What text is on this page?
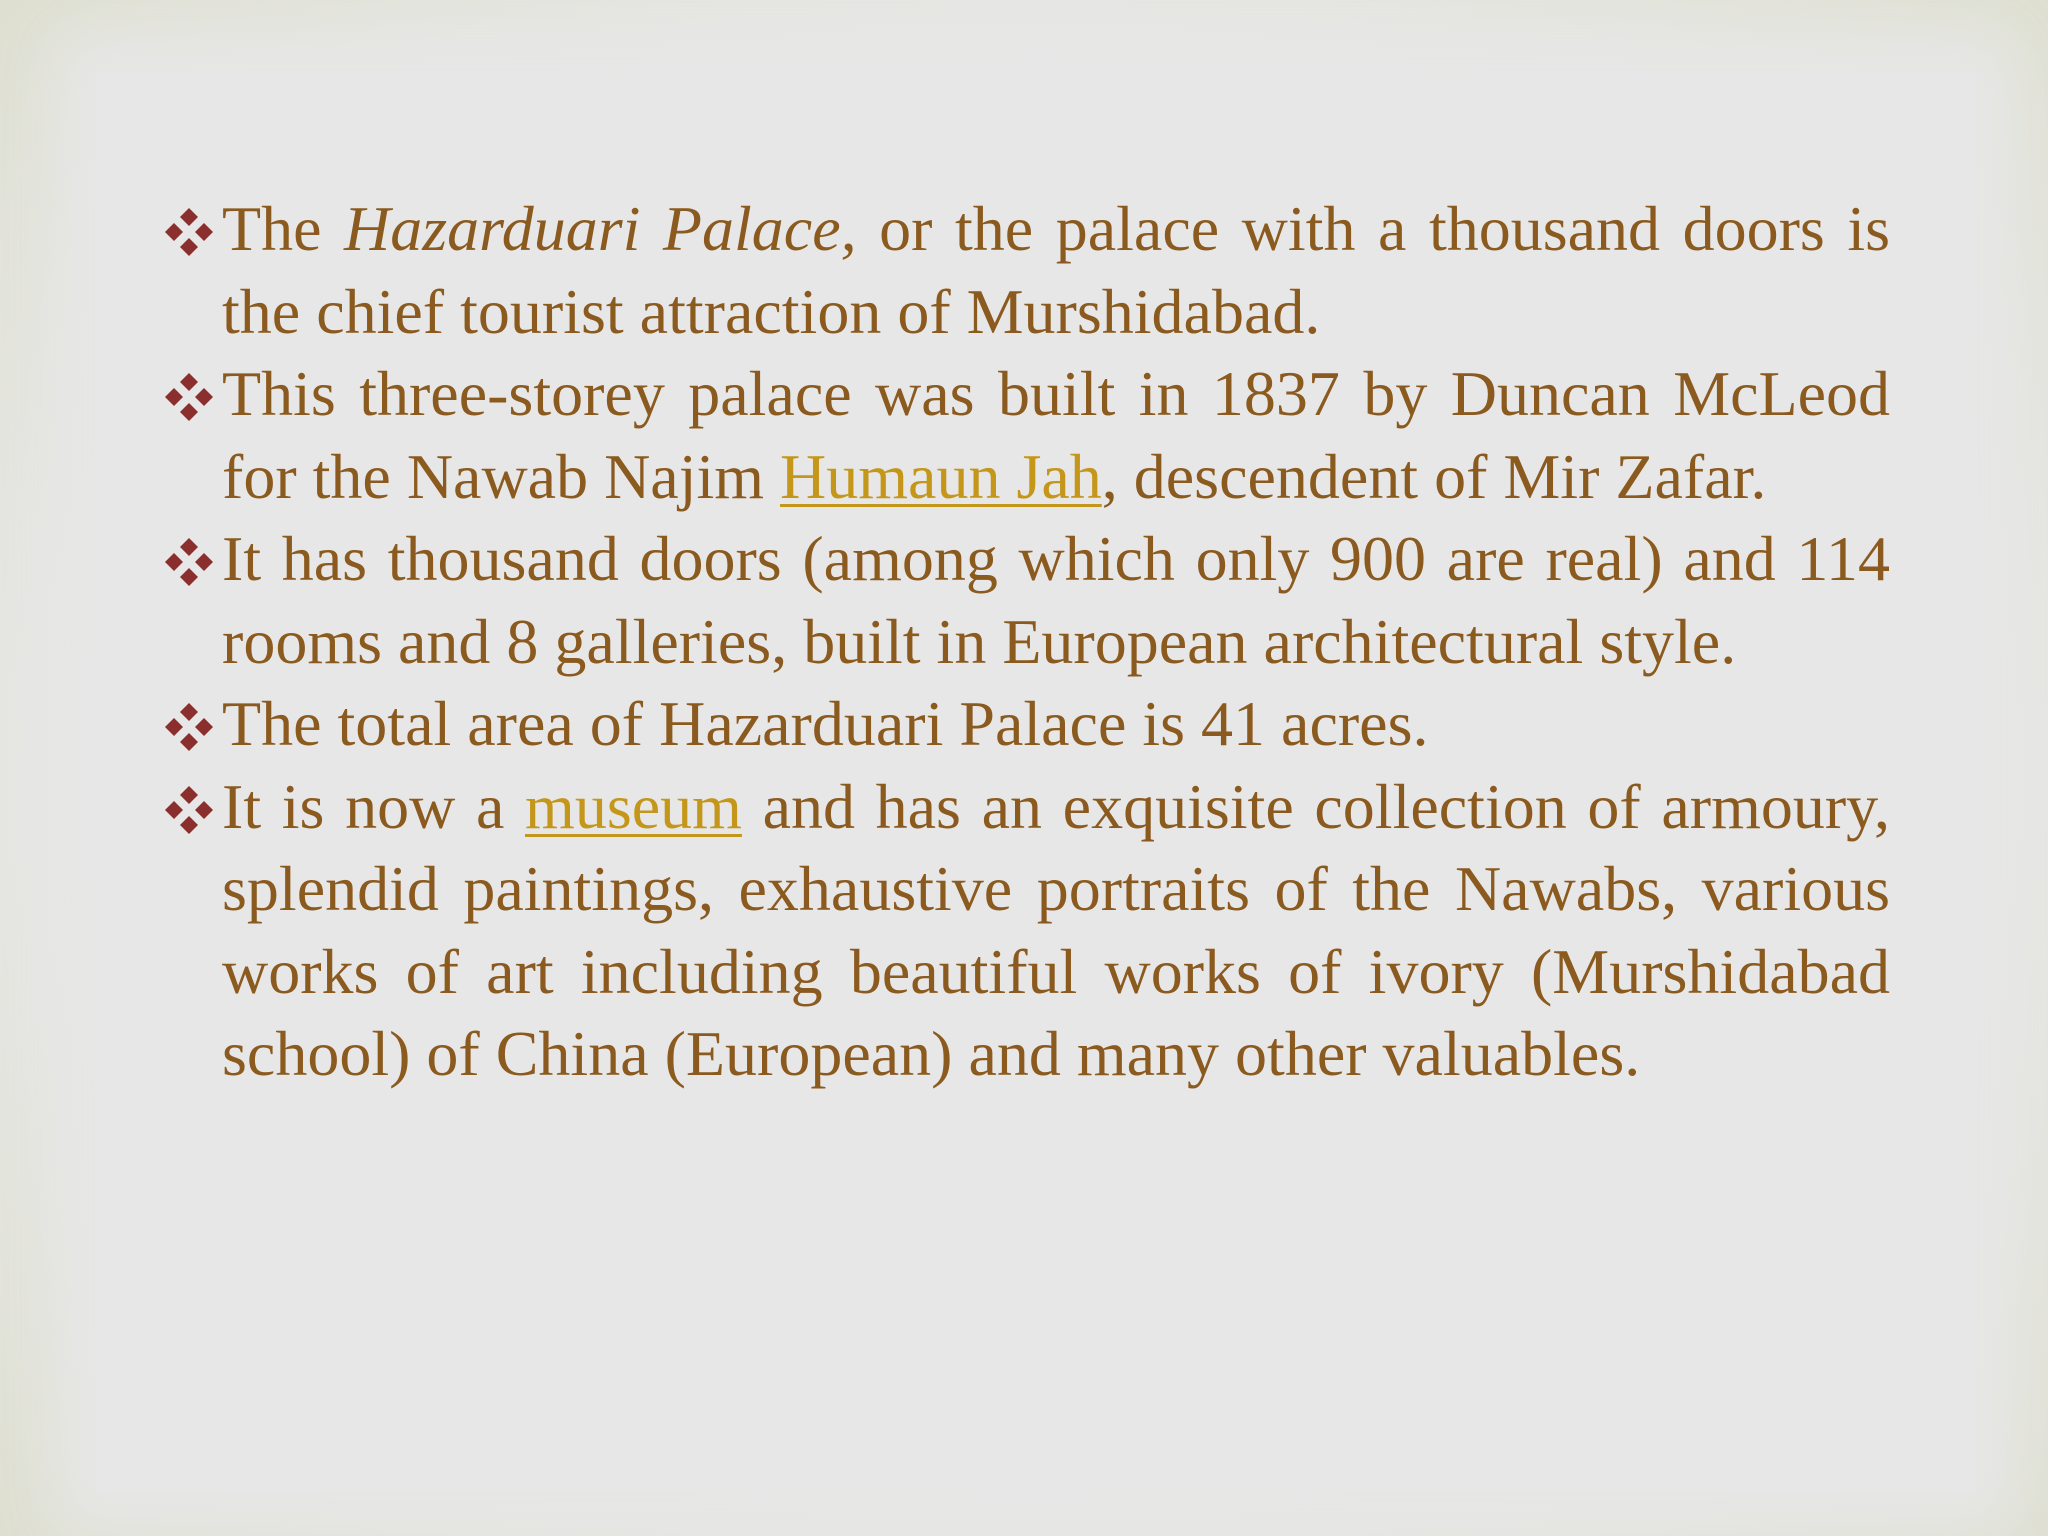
The Hazarduari Palace, or the palace with a thousand doors is the chief tourist attraction of Murshidabad.
This three-storey palace was built in 1837 by Duncan McLeod for the Nawab Najim Humaun Jah, descendent of Mir Zafar.
It has thousand doors (among which only 900 are real) and 114 rooms and 8 galleries, built in European architectural style.
The total area of Hazarduari Palace is 41 acres.
It is now a museum and has an exquisite collection of armoury, splendid paintings, exhaustive portraits of the Nawabs, various works of art including beautiful works of ivory (Murshidabad school) of China (European) and many other valuables.
